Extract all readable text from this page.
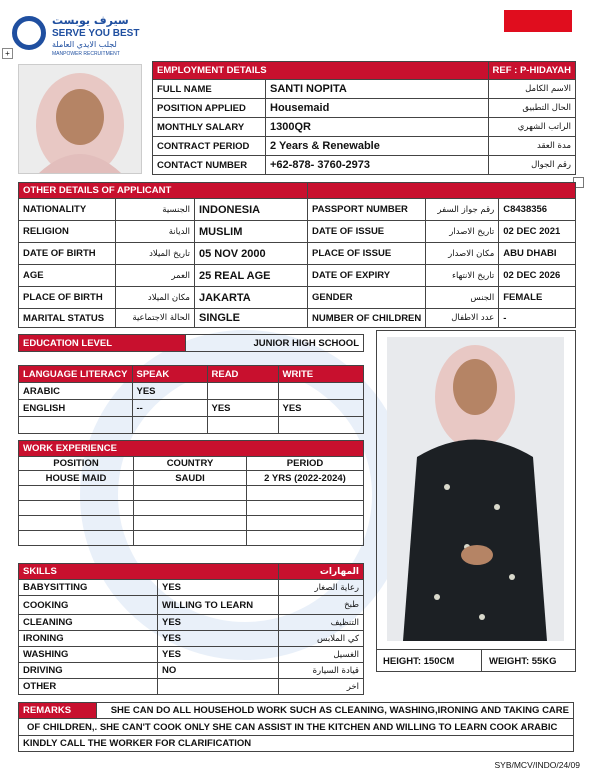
سيرف يوبست
SERVE YOU BEST
لجلب الايدي العاملة
MANPOWER RECRUITMENT
+
EMPLOYMENT DETAILS		REF : P-HIDAYAH
FULL NAME	SANTI NOPITA	الاسم الكامل
POSITION APPLIED	Housemaid	الحال التطبيق
MONTHLY SALARY	1300QR	الراتب الشهري
CONTRACT PERIOD	2 Years & Renewable	مدة العقد
CONTACT NUMBER	+62-878- 3760-2973	رقم الجوال
OTHER DETAILS OF APPLICANT					
NATIONALITY	الجنسية	INDONESIA	PASSPORT NUMBER	رقم جواز السفر	C8438356
RELIGION	الديانة	MUSLIM	DATE OF ISSUE	تاريخ الاصدار	02 DEC 2021
DATE OF BIRTH	تاريخ الميلاد	05 NOV 2000	PLACE OF ISSUE	مكان الاصدار	ABU DHABI
AGE	العمر	25 REAL AGE	DATE OF EXPIRY	تاريخ الانتهاء	02 DEC 2026
PLACE OF BIRTH	مكان الميلاد	JAKARTA	GENDER	الجنس	FEMALE
MARITAL STATUS	الحالة الاجتماعية	SINGLE	NUMBER OF CHILDREN	عدد الاطفال	-
EDUCATION LEVEL	JUNIOR HIGH SCHOOL
LANGUAGE LITERACY	SPEAK	READ	WRITE
ARABIC	YES		
ENGLISH	--	YES	YES

WORK EXPERIENCE		
POSITION	COUNTRY	PERIOD
HOUSE MAID	SAUDI	2 YRS (2022-2024)

SKILLS		المهارات
BABYSITTING	YES	رعاية الصغار
COOKING	WILLING TO LEARN	طبخ
CLEANING	YES	التنظيف
IRONING	YES	كي الملابس
WASHING	YES	الغسيل
DRIVING	NO	قيادة السيارة
OTHER		اخر
HEIGHT: 150CM	WEIGHT: 55KG
REMARKS	SHE CAN DO ALL HOUSEHOLD WORK SUCH AS CLEANING, WASHING,IRONING AND TAKING CARE
OF CHILDREN,. SHE CAN'T COOK ONLY SHE CAN ASSIST IN THE KITCHEN AND WILLING TO LEARN COOK ARABIC
KINDLY CALL THE WORKER FOR CLARIFICATION
SYB/MCV/INDO/24/09
